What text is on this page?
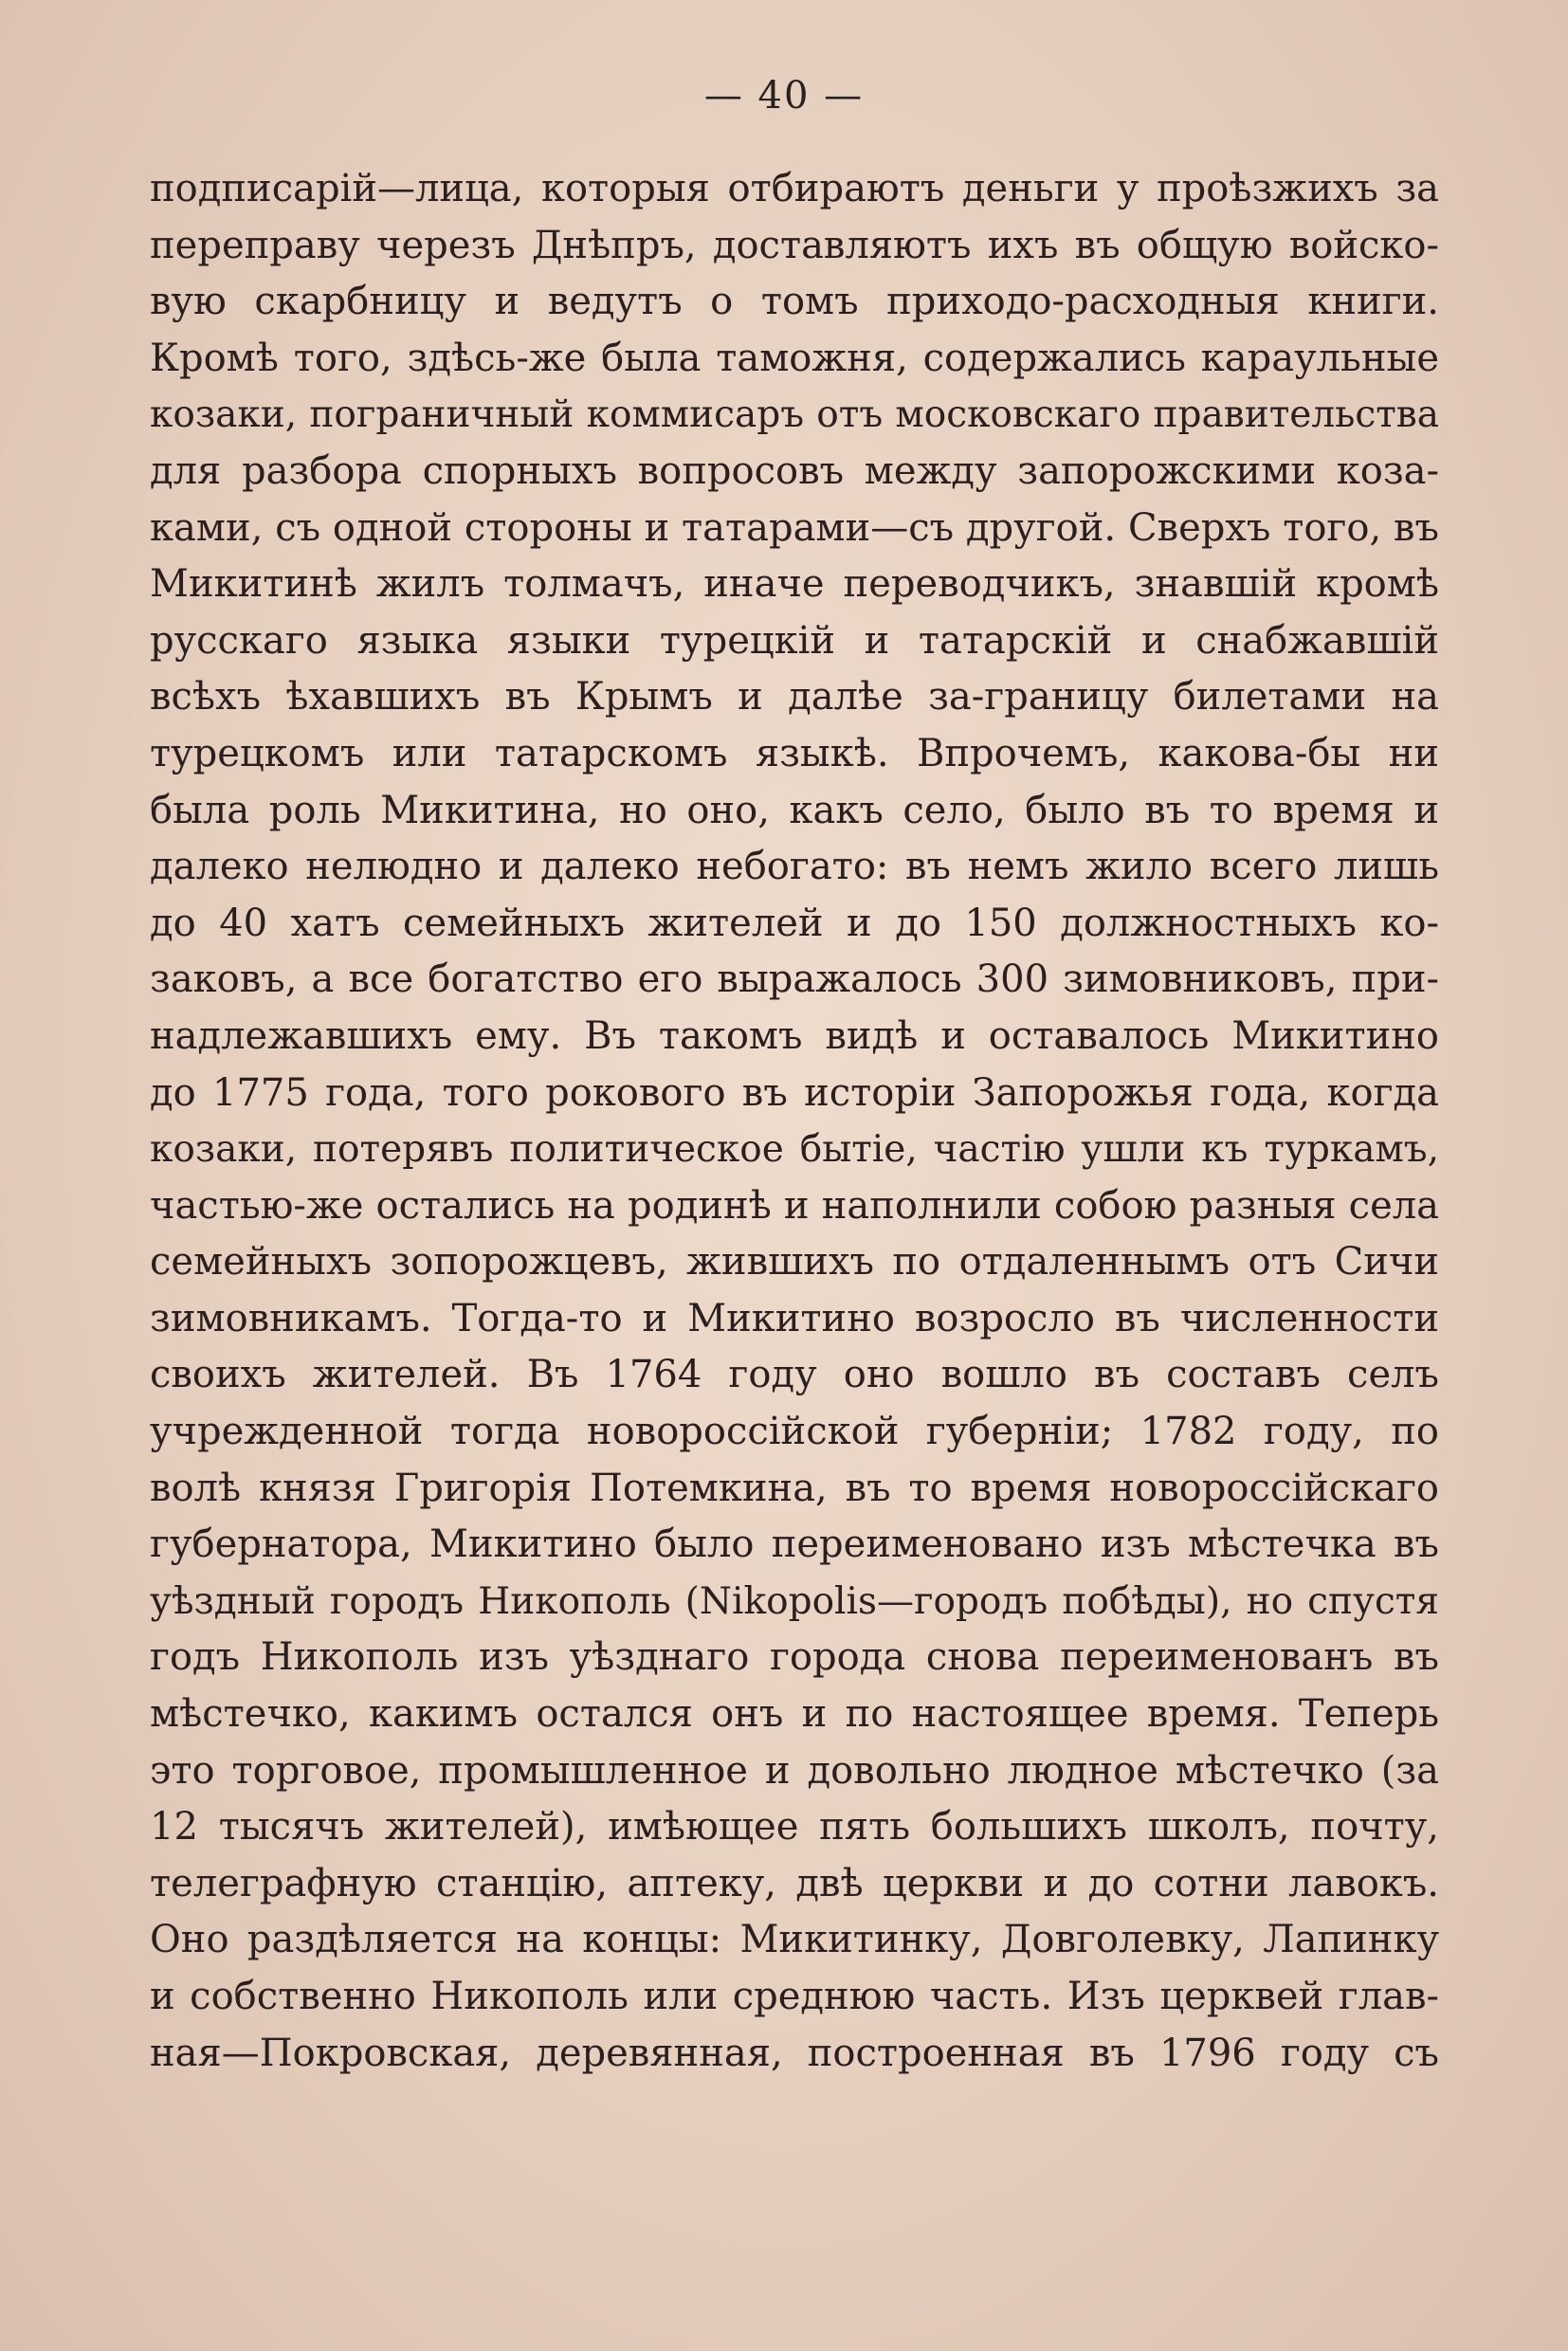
— 40 —
подписарій—лица, которыя отбираютъ деньги у проѣзжихъ за
переправу черезъ Днѣпръ, доставляютъ ихъ въ общую войско-
вую скарбницу и ведутъ о томъ приходо-расходныя книги.
Кромѣ того, здѣсь-же была таможня, содержались караульные
козаки, пограничный коммисаръ отъ московскаго правительства
для разбора спорныхъ вопросовъ между запорожскими коза-
ками, съ одной стороны и татарами—съ другой. Сверхъ того, въ
Микитинѣ жилъ толмачъ, иначе переводчикъ, знавшій кромѣ
русскаго языка языки турецкій и татарскій и снабжавшій
всѣхъ ѣхавшихъ въ Крымъ и далѣе за-границу билетами на
турецкомъ или татарскомъ языкѣ. Впрочемъ, какова-бы ни
была роль Микитина, но оно, какъ село, было въ то время и
далеко нелюдно и далеко небогато: въ немъ жило всего лишь
до 40 хатъ семейныхъ жителей и до 150 должностныхъ ко-
заковъ, а все богатство его выражалось 300 зимовниковъ, при-
надлежавшихъ ему. Въ такомъ видѣ и оставалось Микитино
до 1775 года, того рокового въ исторіи Запорожья года, когда
козаки, потерявъ политическое бытіе, частію ушли къ туркамъ,
частью-же остались на родинѣ и наполнили собою разныя села
семейныхъ зопорожцевъ, жившихъ по отдаленнымъ отъ Сичи
зимовникамъ. Тогда-то и Микитино возросло въ численности
своихъ жителей. Въ 1764 году оно вошло въ составъ селъ
учрежденной тогда новороссійской губерніи; 1782 году, по
волѣ князя Григорія Потемкина, въ то время новороссійскаго
губернатора, Микитино было переименовано изъ мѣстечка въ
уѣздный городъ Никополь (Nikopolis—городъ побѣды), но спустя
годъ Никополь изъ уѣзднаго города снова переименованъ въ
мѣстечко, какимъ остался онъ и по настоящее время. Теперь
это торговое, промышленное и довольно людное мѣстечко (за
12 тысячъ жителей), имѣющее пять большихъ школъ, почту,
телеграфную станцію, аптеку, двѣ церкви и до сотни лавокъ.
Оно раздѣляется на концы: Микитинку, Довголевку, Лапинку
и собственно Никополь или среднюю часть. Изъ церквей глав-
ная—Покровская, деревянная, построенная въ 1796 году съ
